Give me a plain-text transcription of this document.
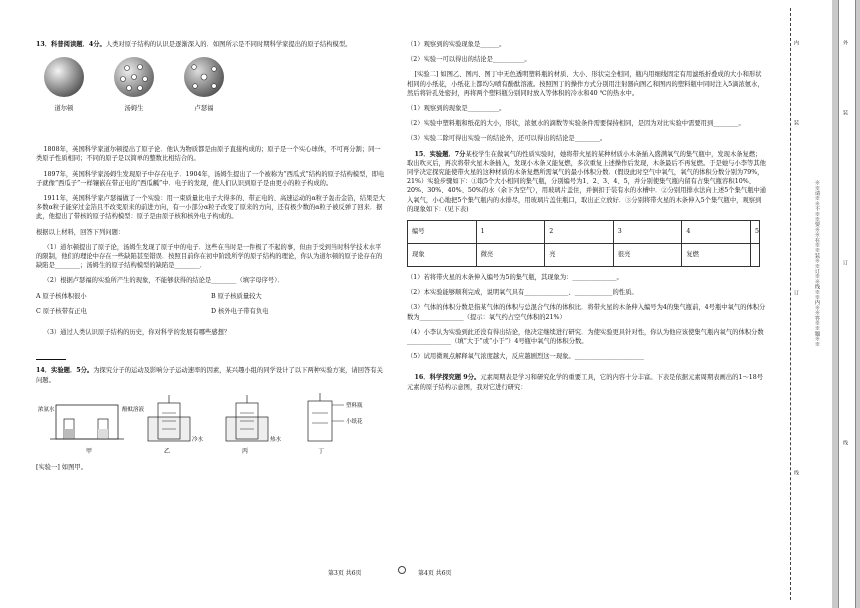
13．科普阅读题．4分。人类对原子结构的认识是逐渐深入的．如图所示是不同时期科学家提出的原子结构模型。

道尔顿	汤姆生	卢瑟福

1808年，英国科学家道尔顿提出了原子论．他认为物质都是由原子直接构成的；原子是一个实心球体，不可再分割；同一类原子性质相同；不同的原子是以简单的整数比相结合的。

1897年，英国科学家汤姆生发现原子中存在电子．1904年，汤姆生提出了一个被称为“西瓜式”结构的原子结构模型，即电子就像“西瓜子”一样镶嵌在带正电的“西瓜瓤”中．电子的发现，使人们认识到原子是由更小的粒子构成的。

1911年，英国科学家卢瑟福做了一个实验：用一束质量比电子大得多的、带正电的、高速运动的α粒子轰击金箔，结果是大多数α粒子能穿过金箔且不改变原来的前进方向，有一小部分α粒子改变了原来的方向，还有极少数的α粒子被反弹了回来．据此，他提出了带核的原子结构模型：原子是由原子核和核外电子构成的。

根据以上材料，回答下列问题：

（1）道尔顿提出了原子论，汤姆生发现了原子中的电子．这些在当时是一件极了不起的事，但由于受到当时科学技术水平的限制，他们的理论中存在一些缺陷甚至错误．按照目前你在初中阶段所学的原子结构的理论，你认为道尔顿的原子论存在的缺陷是________；汤姆生的原子结构模型的缺陷是________．

（2）根据卢瑟福的实验所产生的现象，不能够获得的结论是________（填字母序号）．

A 原子核体积很小	B 原子核质量较大
C 原子核带有正电	D 核外电子带有负电

（3）通过人类认识原子结构的历史，你对科学的发展有哪些感想？

14．实验题．5分。为探究分子的运动及影响分子运动速率的因素，某兴趣小组的同学设计了以下两种实验方案，请回答有关问题。

浓氨水	酚酞溶液
甲	乙
冷水
丙
热水
塑料瓶
小纸花
丁

[实验一] 如图甲。

（1）观察到的实验现象是______。

（2）实验一可以得出的结论是__________。

[实验二] 如图乙、图丙、图丁中无色透明塑料瓶的材质、大小、形状完全相同，瓶内用细线固定有用滤纸折叠成的大小和形状相同的小纸花，小纸花上都均匀喷有酚酞溶液。按照图丁的操作方式分别用注射器向图乙和图丙的塑料瓶中同时注入5滴浓氨水，然后将针孔处密封，再将两个塑料瓶分别同时放入等体积的冷水和40 ℃的热水中。

（1）观察到的现象是__________。

（2）实验中塑料瓶和纸花的大小，形状，浓氨水的滴数等实验条件需要保持相同，是因为对比实验中需要用到________。

（3）实验二除可得出实验一的结论外，还可以得出的结论是________。

15．实验题．7分某校学生在做氧气的性质实验时，她将带火星的某种材质小木条插入盛满氧气的集气瓶中，发现木条复燃；取出吹灭后，再次将带火星木条插入，发现小木条又能复燃，多次重复上述操作后发现，木条最后不再复燃。于是她与小李等其他同学决定探究能使带火星的这种材质的木条复燃所需氧气的最小体积分数．(假设此时空气中氧气，氧气的体积分数分别为79%，21%）实验步骤如下：①取5个大小相同的集气瓶，分别编号为1、2、3、4、5，并分别使集气瓶内留有占集气瓶容积10%、20%、30%、40%、50%的水（余下为空气），用玻璃片盖住，并倒扣于装有水的水槽中．②分别用排水法向上述5个集气瓶中通入氧气，小心地把5个集气瓶内的水排尽，用玻璃片盖住瓶口，取出正立放好．③分别将带火星的木条伸入5个集气瓶中，观察到的现象如下：(见下表)

编号	1	2	3	4	5
现象	微亮	亮	很亮	复燃	

（1）若将带火星的木条伸入编号为5的集气瓶，其现象为：______________。

（2）本实验能够顺利完成，说明氧气具有______________、____________的性质。

（3）气体的体积分数是指某气体的体积与总混合气体的体积比．将带火星的木条伸入编号为4的集气瓶前，4号瓶中氧气的体积分数为______________（提示：氧气约占空气体积的21%）

（4）小李认为实验到此还没有得出结论，他决定继续进行研究．为使实验更具针对性，你认为他应该使集气瓶内氧气的体积分数______________（填“大于”或“小于”）4号瓶中氧气的体积分数。

（5）试用微观点解释氧气浓度越大，反应越剧烈这一现象。______________________

16．科学探究题 9分。元素周期表是学习和研究化学的重要工具，它的内容十分丰富。下表是依据元素周期表画出的1～18号元素的原子结构示意图，我对它进行研究：

第3页 共6页	第4页 共6页
装
订
线
内
※※请※※不※※要※※在※※装※※订※※线※※内※※答※※题※※
装
订
线
外
